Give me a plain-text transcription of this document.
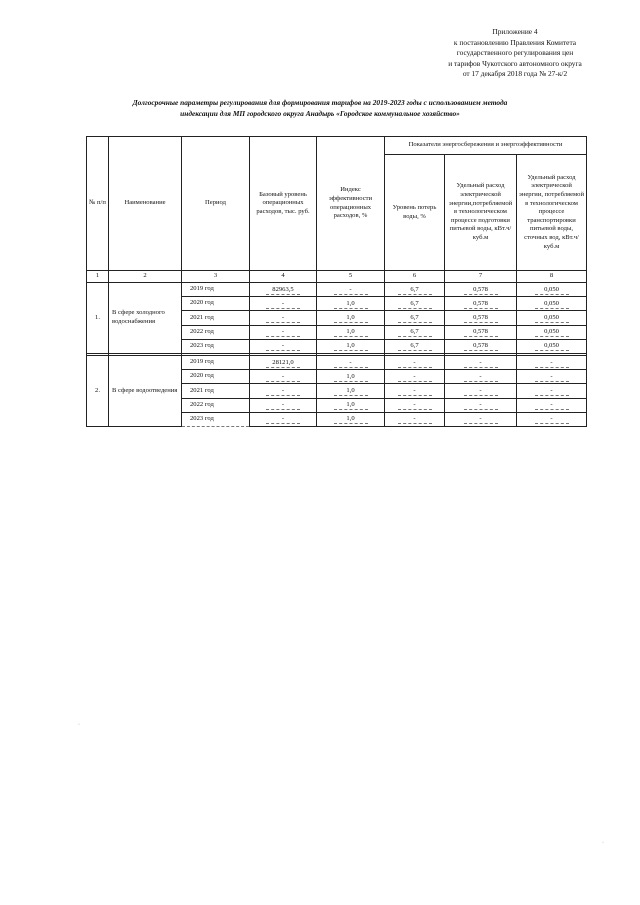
Приложение 4
к постановлению Правления Комитета
государственного регулирования цен
и тарифов Чукотского автономного округа
от 17 декабря 2018 года № 27-к/2
Долгосрочные параметры регулирования для формирования тарифов на 2019-2023 годы с использованием метода
индексации для МП городского округа Анадырь «Городское коммунальное хозяйство»
№ п/п	Наименование	Период	Базовый уровень операционных расходов, тыс. руб.	Индекс эффективности операционных расходов, %	Показатели энергосбережения и энергоэффективности		
					Уровень потерь воды, %	Удельный расход электрической энергии,потребляемой в технологическом процессе подготовки питьевой воды, кВт.ч/куб.м	Удельный расход электрической энергии, потребляемой в технологическом процессе транспортировки питьевой воды, сточных вод, кВт.ч/куб.м
1	2	3	4	5	6	7	8
1.	В сфере холодного водоснабжения	2019 год	82963,5	-	6,7	0,578	0,050
		2020 год	-	1,0	6,7	0,578	0,050
		2021 год	-	1,0	6,7	0,578	0,050
		2022 год	-	1,0	6,7	0,578	0,050
		2023 год	-	1,0	6,7	0,578	0,050

2.	В сфере водоотведения	2019 год	28121,0	-	-	-	-
		2020 год	-	1,0	-	-	-
		2021 год	-	1,0	-	-	-
		2022 год	-	1,0	-	-	-
		2023 год	-	1,0	-	-	-
·
·
